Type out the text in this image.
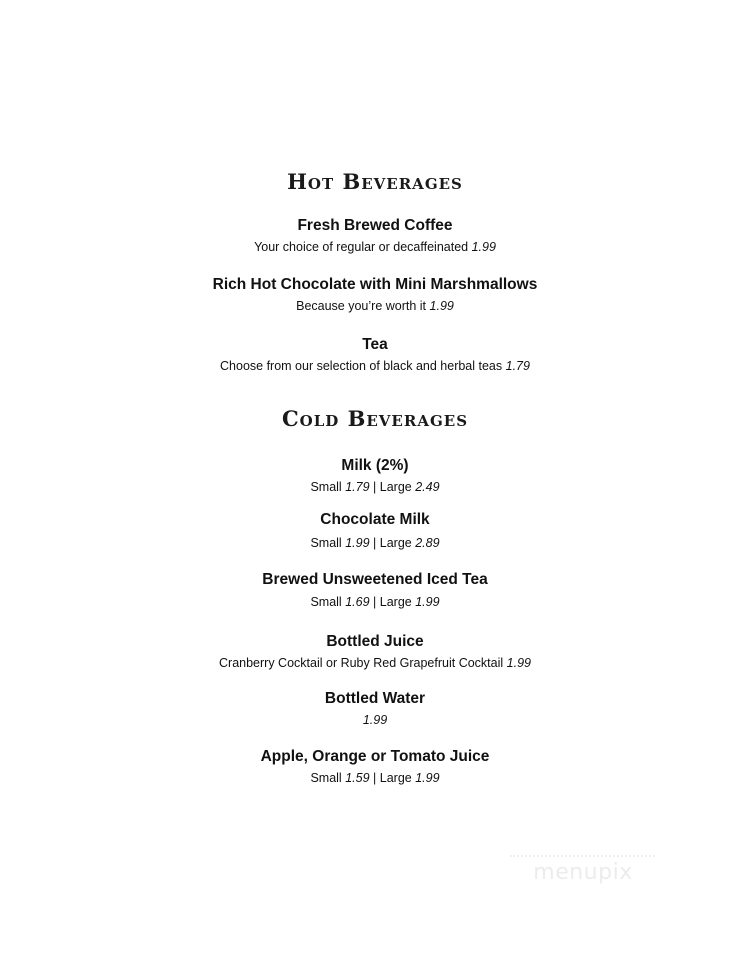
Hot Beverages
Fresh Brewed Coffee
Your choice of regular or decaffeinated 1.99
Rich Hot Chocolate with Mini Marshmallows
Because you’re worth it 1.99
Tea
Choose from our selection of black and herbal teas 1.79
Cold Beverages
Milk (2%)
Small 1.79 | Large 2.49
Chocolate Milk
Small 1.99 | Large 2.89
Brewed Unsweetened Iced Tea
Small 1.69 | Large 1.99
Bottled Juice
Cranberry Cocktail or Ruby Red Grapefruit Cocktail 1.99
Bottled Water
1.99
Apple, Orange or Tomato Juice
Small 1.59 | Large 1.99
menupix
